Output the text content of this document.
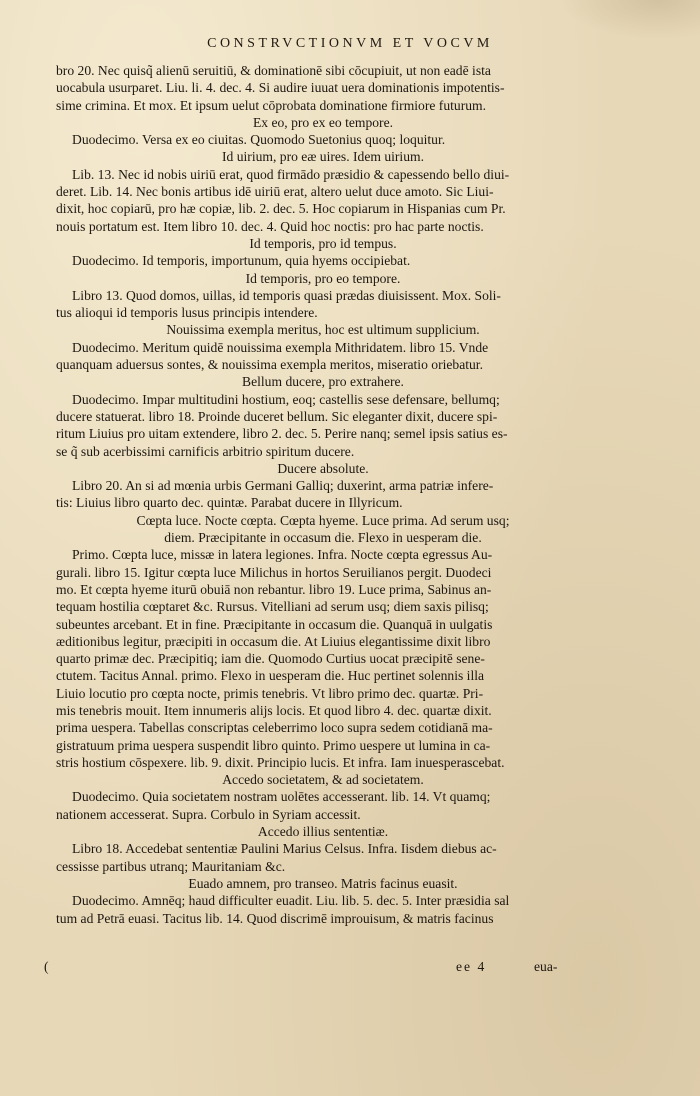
CONSTRVCTIONVM ET VOCVM
bro 20. Nec quisq̃ alienū seruitiū, & dominationē sibi cōcupiuit, ut non eadē ista
uocabula usurparet. Liu. li. 4. dec. 4. Si audire iuuat uera dominationis impotentis-
sime crimina. Et mox. Et ipsum uelut cōprobata dominatione firmiore futurum.
Ex eo, pro ex eo tempore.
Duodecimo. Versa ex eo ciuitas. Quomodo Suetonius quoq; loquitur.
Id uirium, pro eæ uires. Idem uirium.
Lib. 13. Nec id nobis uiriū erat, quod firmādo præsidio & capessendo bello diui-
deret. Lib. 14. Nec bonis artibus idē uiriū erat, altero uelut duce amoto. Sic Liui-
dixit, hoc copiarū, pro hæ copiæ, lib. 2. dec. 5. Hoc copiarum in Hispanias cum Pr.
nouis portatum est. Item libro 10. dec. 4. Quid hoc noctis: pro hac parte noctis.
Id temporis, pro id tempus.
Duodecimo. Id temporis, importunum, quia hyems occipiebat.
Id temporis, pro eo tempore.
Libro 13. Quod domos, uillas, id temporis quasi prædas diuisissent. Mox. Soli-
tus alioqui id temporis lusus principis intendere.
Nouissima exempla meritus, hoc est ultimum supplicium.
Duodecimo. Meritum quidē nouissima exempla Mithridatem. libro 15. Vnde
quanquam aduersus sontes, & nouissima exempla meritos, miseratio oriebatur.
Bellum ducere, pro extrahere.
Duodecimo. Impar multitudini hostium, eoq; castellis sese defensare, bellumq;
ducere statuerat. libro 18. Proinde duceret bellum. Sic eleganter dixit, ducere spi-
ritum Liuius pro uitam extendere, libro 2. dec. 5. Perire nanq; semel ipsis satius es-
se q̃ sub acerbissimi carnificis arbitrio spiritum ducere.
Ducere absolute.
Libro 20. An si ad mœnia urbis Germani Galliq; duxerint, arma patriæ infere-
tis: Liuius libro quarto dec. quintæ. Parabat ducere in Illyricum.
Cœpta luce. Nocte cœpta. Cœpta hyeme. Luce prima. Ad serum usq;
diem. Præcipitante in occasum die. Flexo in uesperam die.
Primo. Cœpta luce, missæ in latera legiones. Infra. Nocte cœpta egressus Au-
gurali. libro 15. Igitur cœpta luce Milichus in hortos Seruilianos pergit. Duodeci
mo. Et cœpta hyeme iturū obuiā non rebantur. libro 19. Luce prima, Sabinus an-
tequam hostilia cœptaret &c. Rursus. Vitelliani ad serum usq; diem saxis pilisq;
subeuntes arcebant. Et in fine. Præcipitante in occasum die. Quanquā in uulgatis
æditionibus legitur, præcipiti in occasum die. At Liuius elegantissime dixit libro
quarto primæ dec. Præcipitiq; iam die. Quomodo Curtius uocat præcipitē sene-
ctutem. Tacitus Annal. primo. Flexo in uesperam die. Huc pertinet solennis illa
Liuio locutio pro cœpta nocte, primis tenebris. Vt libro primo dec. quartæ. Pri-
mis tenebris mouit. Item innumeris alijs locis. Et quod libro 4. dec. quartæ dixit.
prima uespera. Tabellas conscriptas celeberrimo loco supra sedem cotidianā ma-
gistratuum prima uespera suspendit libro quinto. Primo uespere ut lumina in ca-
stris hostium cōspexere. lib. 9. dixit. Principio lucis. Et infra. Iam inuesperascebat.
Accedo societatem, & ad societatem.
Duodecimo. Quia societatem nostram uolētes accesserant. lib. 14. Vt quamq;
nationem accesserat. Supra. Corbulo in Syriam accessit.
Accedo illius sententiæ.
Libro 18. Accedebat sententiæ Paulini Marius Celsus. Infra. Iisdem diebus ac-
cessisse partibus utranq; Mauritaniam &c.
Euado amnem, pro transeo. Matris facinus euasit.
Duodecimo. Amnēq; haud difficulter euadit. Liu. lib. 5. dec. 5. Inter præsidia sal
tum ad Petrā euasi. Tacitus lib. 14. Quod discrimē improuisum, & matris facinus
(	ee 4	eua-
